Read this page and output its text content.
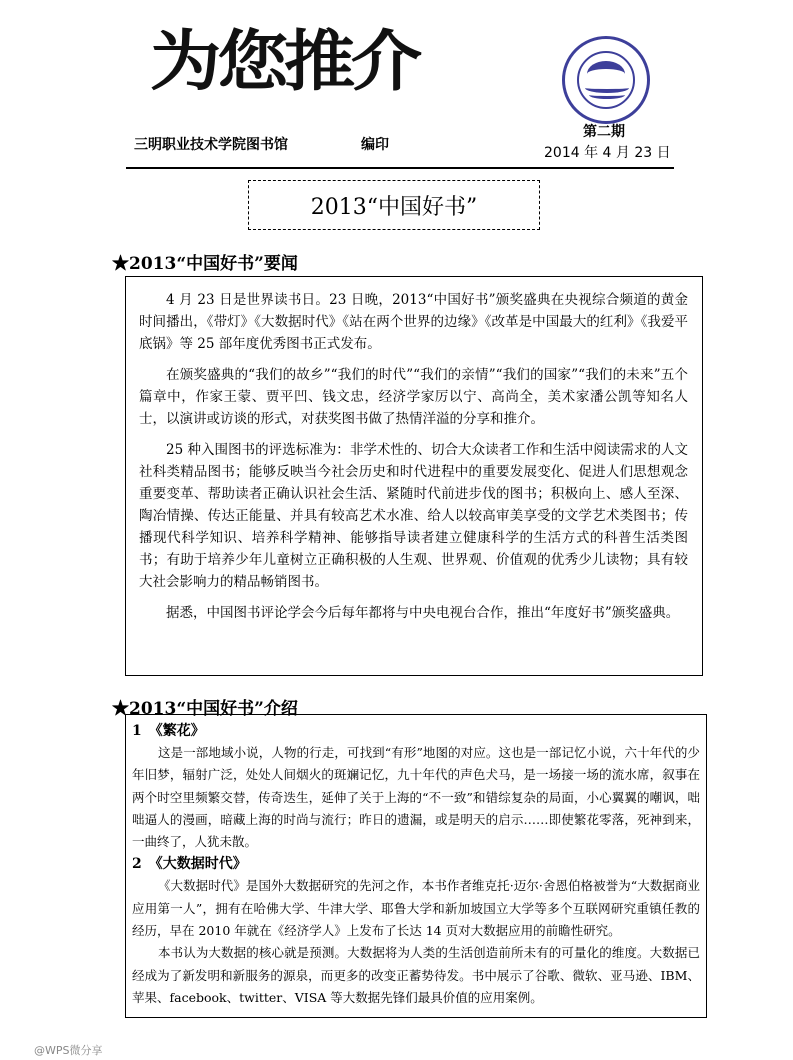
为您推介
三明职业技术学院图书馆	编印
第二期
2014 年 4 月 23 日
2013“中国好书”
★2013“中国好书”要闻

4 月 23 日是世界读书日。23 日晚，2013“中国好书”颁奖盛典在央视综合频道的黄金时间播出，《带灯》《大数据时代》《站在两个世界的边缘》《改革是中国最大的红利》《我爱平底锅》等 25 部年度优秀图书正式发布。

在颁奖盛典的“我们的故乡”“我们的时代”“我们的亲情”“我们的国家”“我们的未来”五个篇章中，作家王蒙、贾平凹、钱文忠，经济学家厉以宁、高尚全，美术家潘公凯等知名人士，以演讲或访谈的形式，对获奖图书做了热情洋溢的分享和推介。

25 种入围图书的评选标准为：非学术性的、切合大众读者工作和生活中阅读需求的人文社科类精品图书；能够反映当今社会历史和时代进程中的重要发展变化、促进人们思想观念重要变革、帮助读者正确认识社会生活、紧随时代前进步伐的图书；积极向上、感人至深、陶冶情操、传达正能量、并具有较高艺术水准、给人以较高审美享受的文学艺术类图书；传播现代科学知识、培养科学精神、能够指导读者建立健康科学的生活方式的科普生活类图书；有助于培养少年儿童树立正确积极的人生观、世界观、价值观的优秀少儿读物；具有较大社会影响力的精品畅销图书。

据悉，中国图书评论学会今后每年都将与中央电视台合作，推出“年度好书”颁奖盛典。

★2013“中国好书”介绍
1　《繁花》

这是一部地域小说，人物的行走，可找到“有形”地图的对应。这也是一部记忆小说，六十年代的少年旧梦，辐射广泛，处处人间烟火的斑斓记忆，九十年代的声色犬马，是一场接一场的流水席，叙事在两个时空里频繁交替，传奇迭生，延伸了关于上海的“不一致”和错综复杂的局面，小心翼翼的嘲讽，咄咄逼人的漫画，暗藏上海的时尚与流行；昨日的遗漏，或是明天的启示……即使繁花零落，死神到来，一曲终了，人犹未散。

2　《大数据时代》

《大数据时代》是国外大数据研究的先河之作，本书作者维克托·迈尔·舍恩伯格被誉为“大数据商业应用第一人”，拥有在哈佛大学、牛津大学、耶鲁大学和新加坡国立大学等多个互联网研究重镇任教的经历，早在 2010 年就在《经济学人》上发布了长达 14 页对大数据应用的前瞻性研究。

本书认为大数据的核心就是预测。大数据将为人类的生活创造前所未有的可量化的维度。大数据已经成为了新发明和新服务的源泉，而更多的改变正蓄势待发。书中展示了谷歌、微软、亚马逊、IBM、苹果、facebook、twitter、VISA 等大数据先锋们最具价值的应用案例。

@WPS微分享
